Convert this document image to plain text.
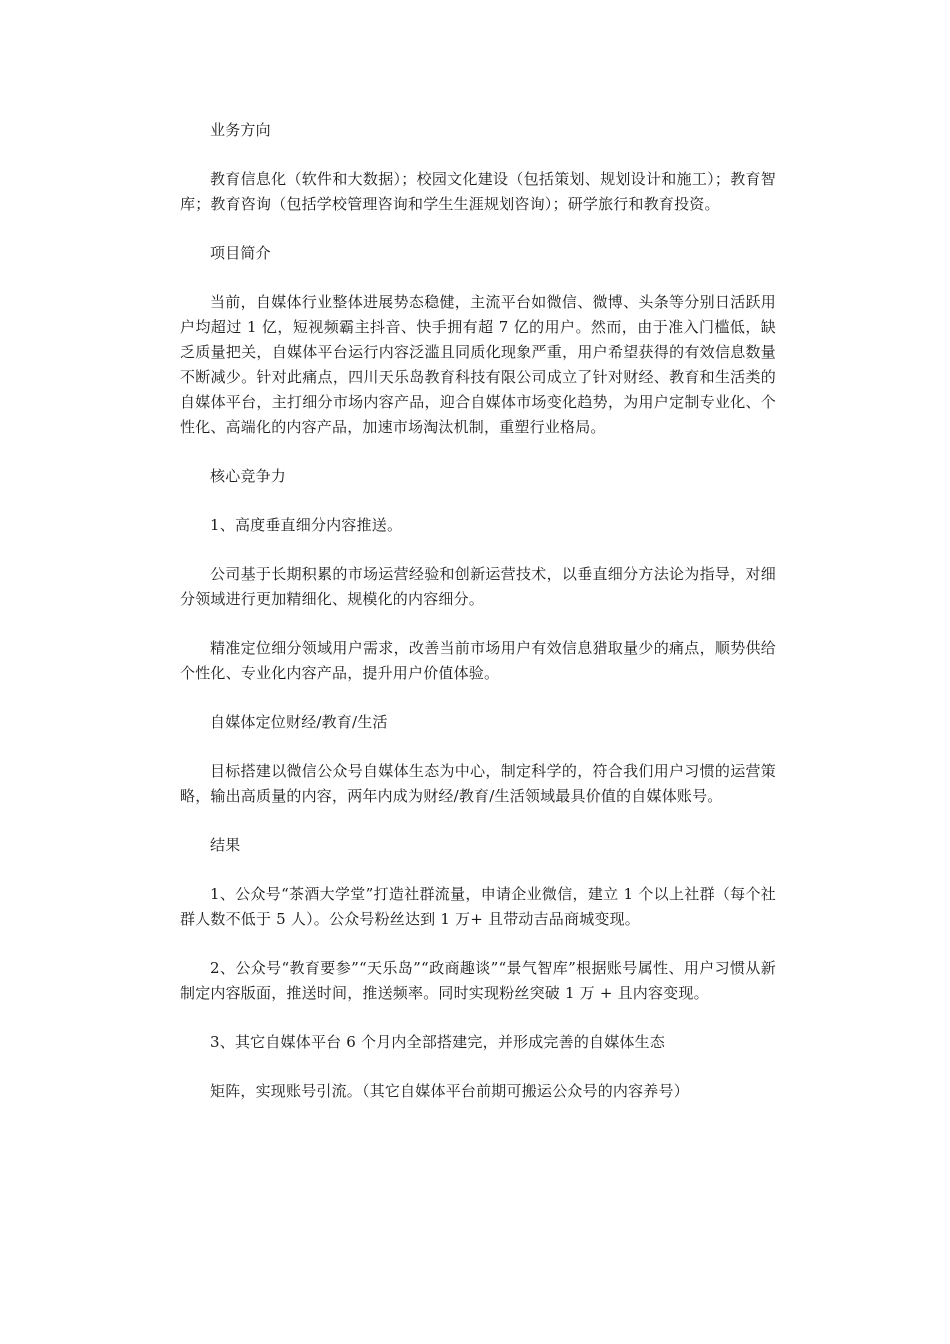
业务方向

教育信息化（软件和大数据）；校园文化建设（包括策划、规划设计和施工）；教育智库；教育咨询（包括学校管理咨询和学生生涯规划咨询）；研学旅行和教育投资。

项目简介

当前，自媒体行业整体进展势态稳健，主流平台如微信、微博、头条等分别日活跃用户均超过 1 亿，短视频霸主抖音、快手拥有超 7 亿的用户。然而，由于准入门槛低，缺乏质量把关，自媒体平台运行内容泛滥且同质化现象严重，用户希望获得的有效信息数量不断减少。针对此痛点，四川天乐岛教育科技有限公司成立了针对财经、教育和生活类的自媒体平台，主打细分市场内容产品，迎合自媒体市场变化趋势，为用户定制专业化、个性化、高端化的内容产品，加速市场淘汰机制，重塑行业格局。

核心竞争力

1、高度垂直细分内容推送。

公司基于长期积累的市场运营经验和创新运营技术，以垂直细分方法论为指导，对细分领域进行更加精细化、规模化的内容细分。

精准定位细分领域用户需求，改善当前市场用户有效信息猎取量少的痛点，顺势供给个性化、专业化内容产品，提升用户价值体验。

自媒体定位财经/教育/生活

目标搭建以微信公众号自媒体生态为中心，制定科学的，符合我们用户习惯的运营策略，输出高质量的内容，两年内成为财经/教育/生活领域最具价值的自媒体账号。

结果

1、公众号“茶酒大学堂”打造社群流量，申请企业微信，建立 1 个以上社群（每个社群人数不低于 5 人）。公众号粉丝达到 1 万+ 且带动吉品商城变现。

2、公众号“教育要参”“天乐岛”“政商趣谈”“景气智库”根据账号属性、用户习惯从新制定内容版面，推送时间，推送频率。同时实现粉丝突破 1 万 + 且内容变现。

3、其它自媒体平台 6 个月内全部搭建完，并形成完善的自媒体生态

矩阵，实现账号引流。（其它自媒体平台前期可搬运公众号的内容养号）
